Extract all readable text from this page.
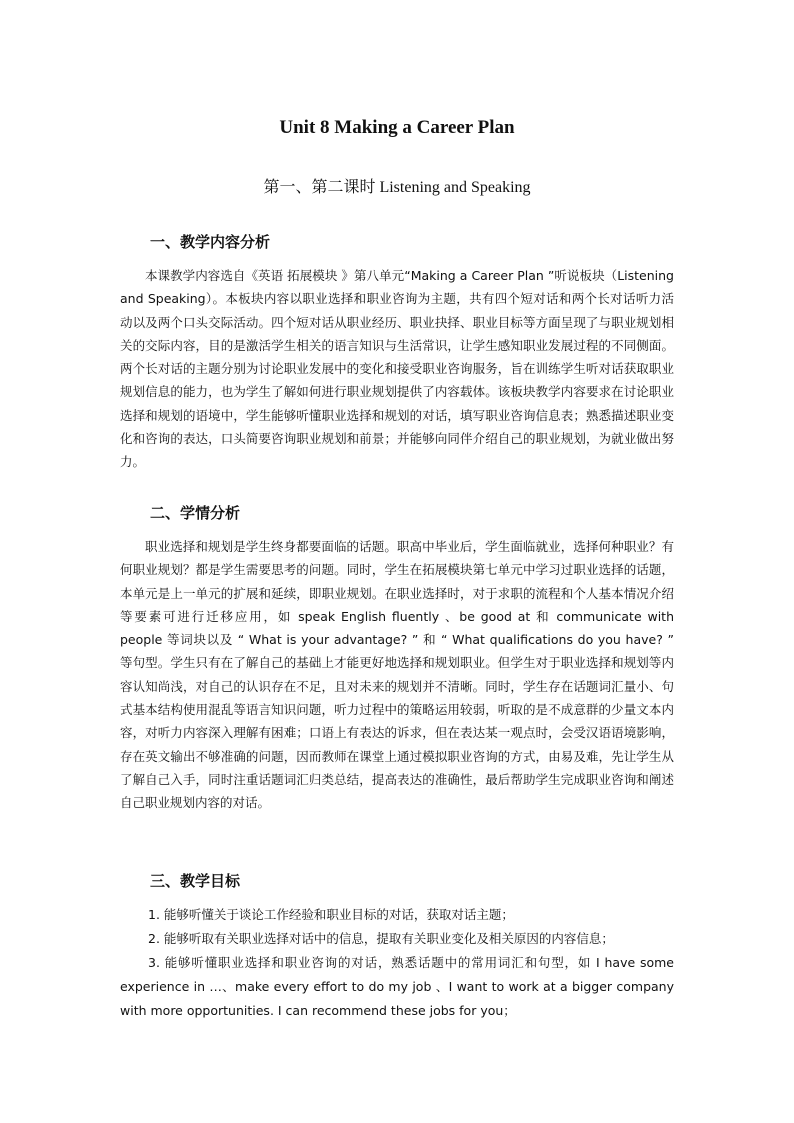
Unit 8 Making a Career Plan
第一、第二课时 Listening and Speaking
一、教学内容分析

本课教学内容选自《英语 拓展模块 》第八单元“Making a Career Plan ”听说板块（Listening and Speaking）。本板块内容以职业选择和职业咨询为主题，共有四个短对话和两个长对话听力活动以及两个口头交际活动。四个短对话从职业经历、职业抉择、职业目标等方面呈现了与职业规划相关的交际内容，目的是激活学生相关的语言知识与生活常识，让学生感知职业发展过程的不同侧面。两个长对话的主题分别为讨论职业发展中的变化和接受职业咨询服务，旨在训练学生听对话获取职业规划信息的能力，也为学生了解如何进行职业规划提供了内容载体。该板块教学内容要求在讨论职业选择和规划的语境中，学生能够听懂职业选择和规划的对话，填写职业咨询信息表；熟悉描述职业变化和咨询的表达，口头简要咨询职业规划和前景；并能够向同伴介绍自己的职业规划，为就业做出努力。

二、学情分析

职业选择和规划是学生终身都要面临的话题。职高中毕业后，学生面临就业，选择何种职业？有何职业规划？都是学生需要思考的问题。同时，学生在拓展模块第七单元中学习过职业选择的话题，本单元是上一单元的扩展和延续，即职业规划。在职业选择时，对于求职的流程和个人基本情况介绍等要素可进行迁移应用，如 speak English fluently 、be good at 和 communicate with people 等词块以及 “ What is your advantage? ” 和 “ What qualifications do you have? ” 等句型。学生只有在了解自己的基础上才能更好地选择和规划职业。但学生对于职业选择和规划等内容认知尚浅，对自己的认识存在不足，且对未来的规划并不清晰。同时，学生存在话题词汇量小、句式基本结构使用混乱等语言知识问题，听力过程中的策略运用较弱，听取的是不成意群的少量文本内容，对听力内容深入理解有困难；口语上有表达的诉求，但在表达某一观点时，会受汉语语境影响，存在英文输出不够准确的问题，因而教师在课堂上通过模拟职业咨询的方式，由易及难，先让学生从了解自己入手，同时注重话题词汇归类总结，提高表达的准确性，最后帮助学生完成职业咨询和阐述自己职业规划内容的对话。

三、教学目标

1. 能够听懂关于谈论工作经验和职业目标的对话，获取对话主题；

2. 能够听取有关职业选择对话中的信息，提取有关职业变化及相关原因的内容信息；

3. 能够听懂职业选择和职业咨询的对话，熟悉话题中的常用词汇和句型，如 I have some experience in …、make every effort to do my job 、I want to work at a bigger company with more opportunities. I can recommend these jobs for you；
